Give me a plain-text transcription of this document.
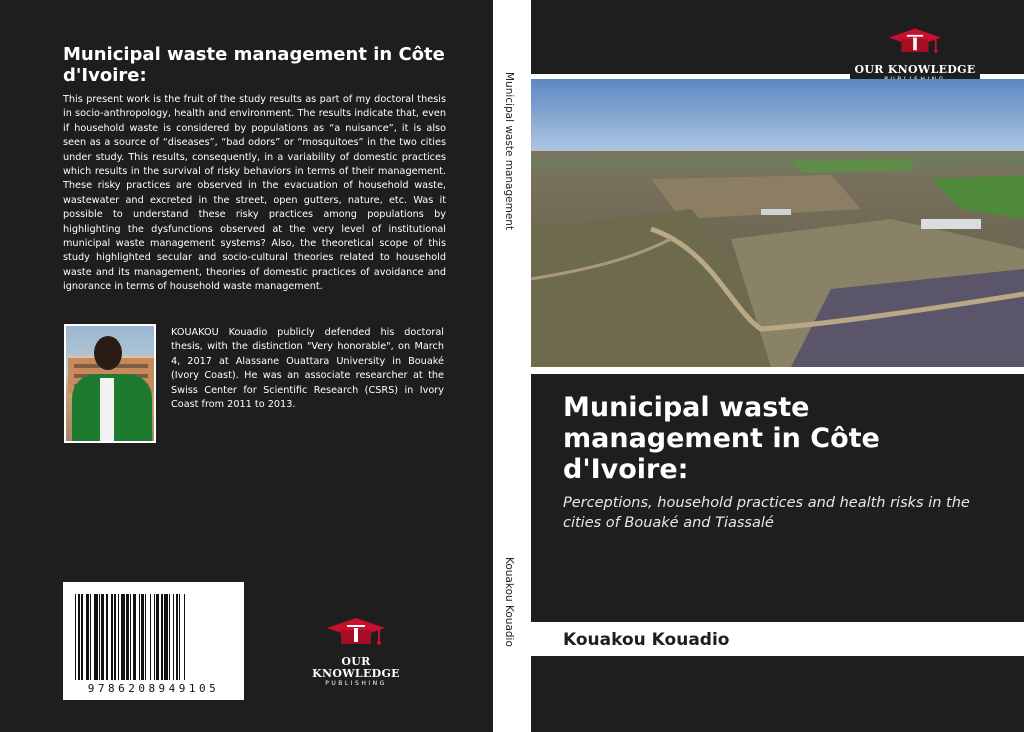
Municipal waste management in Côte d'Ivoire:

This present work is the fruit of the study results as part of my doctoral thesis in socio-anthropology, health and environment. The results indicate that, even if household waste is considered by populations as “a nuisance”, it is also seen as a source of “diseases”, “bad odors” or “mosquitoes” in the two cities under study. This results, consequently, in a variability of domestic practices which results in the survival of risky behaviors in terms of their management. These risky practices are observed in the evacuation of household waste, wastewater and excreted in the street, open gutters, nature, etc. Was it possible to understand these risky practices among populations by highlighting the dysfunctions observed at the very level of institutional municipal waste management systems? Also, the theoretical scope of this study highlighted secular and socio-cultural theories related to household waste and its management, theories of domestic practices of avoidance and ignorance in terms of household waste management.

KOUAKOU Kouadio publicly defended his doctoral thesis, with the distinction "Very honorable", on March 4, 2017 at Alassane Ouattara University in Bouaké (Ivory Coast). He was an associate researcher at the Swiss Center for Scientific Research (CSRS) in Ivory Coast from 2011 to 2013.

9786208949105
OUR KNOWLEDGE
PUBLISHING
Municipal waste management
Kouakou Kouadio
OUR KNOWLEDGE
Municipal waste management in Côte d'Ivoire:
Perceptions, household practices and health risks in the cities of Bouaké and Tiassalé
Kouakou Kouadio
